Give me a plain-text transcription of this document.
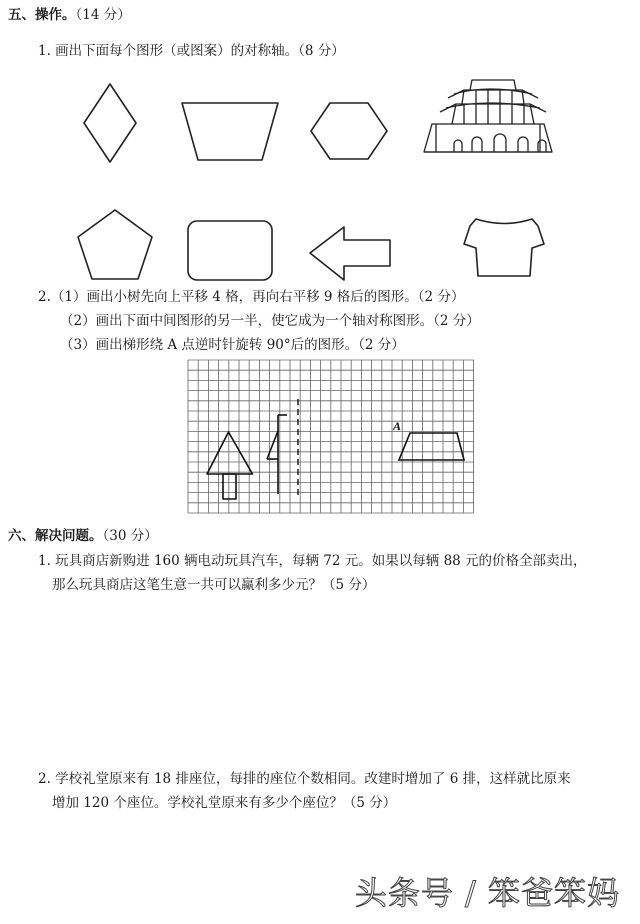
五、操作。（14 分）
1. 画出下面每个图形（或图案）的对称轴。（8 分）
2.（1）画出小树先向上平移 4 格，再向右平移 9 格后的图形。（2 分）
（2）画出下面中间图形的另一半，使它成为一个轴对称图形。（2 分）
（3）画出梯形绕 A 点逆时针旋转 90°后的图形。（2 分）
A
六、解决问题。（30 分）
1. 玩具商店新购进 160 辆电动玩具汽车，每辆 72 元。如果以每辆 88 元的价格全部卖出，
那么玩具商店这笔生意一共可以赢利多少元？（5 分）
2. 学校礼堂原来有 18 排座位，每排的座位个数相同。改建时增加了 6 排，这样就比原来
增加 120 个座位。学校礼堂原来有多少个座位？（5 分）
头条号 / 笨爸笨妈
